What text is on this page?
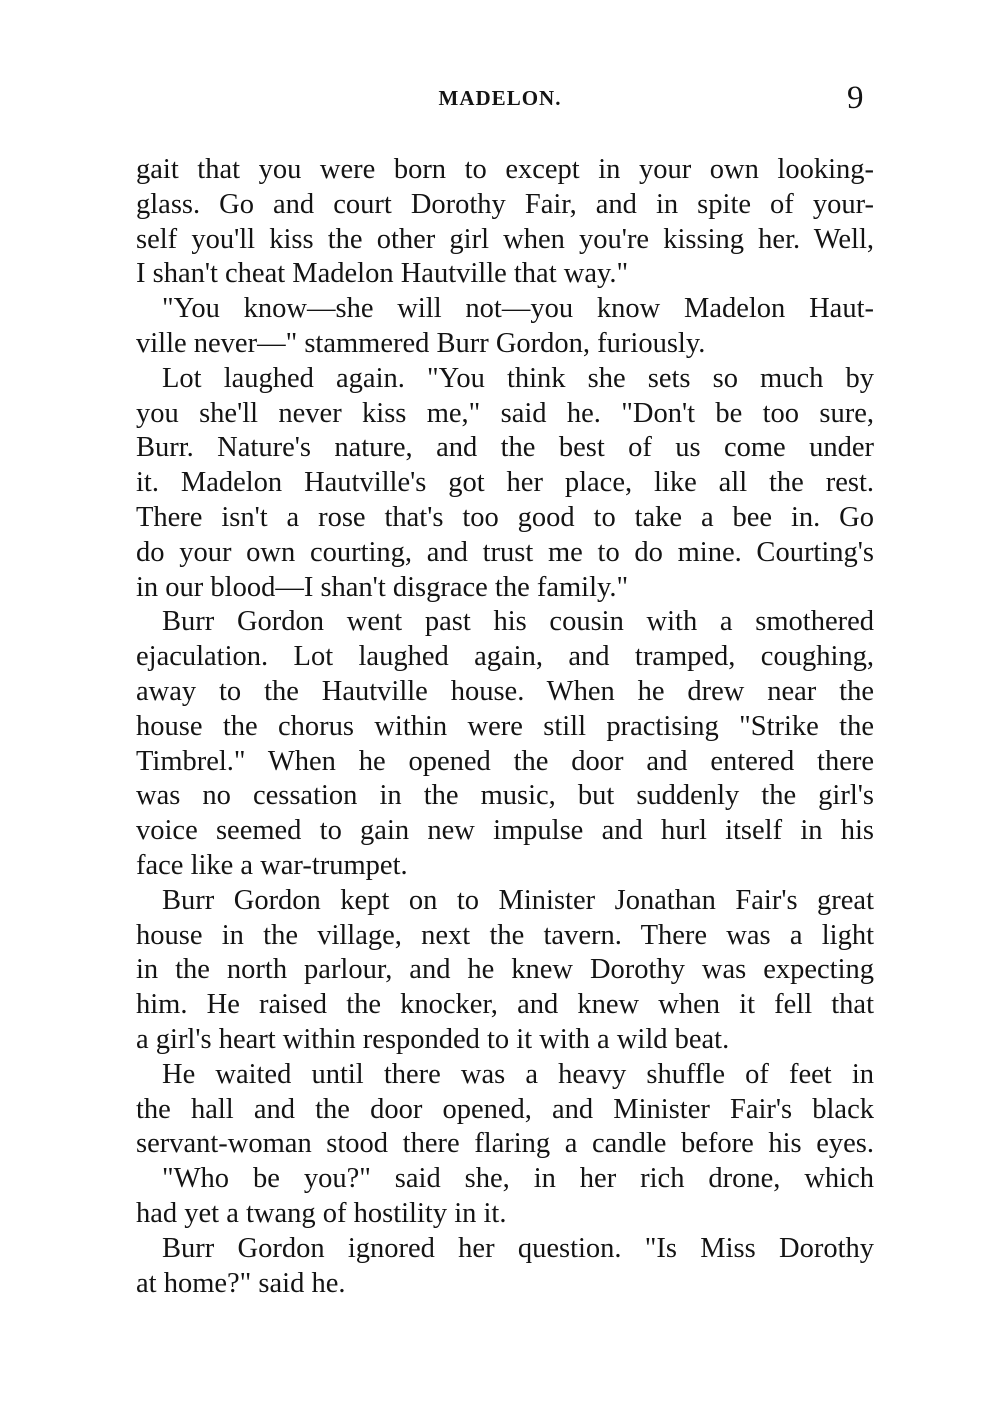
MADELON.	9
gait that you were born to except in your own looking-
glass. Go and court Dorothy Fair, and in spite of your-
self you'll kiss the other girl when you're kissing her. Well,
I shan't cheat Madelon Hautville that way."
"You know—she will not—you know Madelon Haut-
ville never—" stammered Burr Gordon, furiously.
Lot laughed again. "You think she sets so much by
you she'll never kiss me," said he. "Don't be too sure,
Burr. Nature's nature, and the best of us come under
it. Madelon Hautville's got her place, like all the rest.
There isn't a rose that's too good to take a bee in. Go
do your own courting, and trust me to do mine. Courting's
in our blood—I shan't disgrace the family."
Burr Gordon went past his cousin with a smothered
ejaculation. Lot laughed again, and tramped, coughing,
away to the Hautville house. When he drew near the
house the chorus within were still practising "Strike the
Timbrel." When he opened the door and entered there
was no cessation in the music, but suddenly the girl's
voice seemed to gain new impulse and hurl itself in his
face like a war-trumpet.
Burr Gordon kept on to Minister Jonathan Fair's great
house in the village, next the tavern. There was a light
in the north parlour, and he knew Dorothy was expecting
him. He raised the knocker, and knew when it fell that
a girl's heart within responded to it with a wild beat.
He waited until there was a heavy shuffle of feet in
the hall and the door opened, and Minister Fair's black
servant-woman stood there flaring a candle before his eyes.
"Who be you?" said she, in her rich drone, which
had yet a twang of hostility in it.
Burr Gordon ignored her question. "Is Miss Dorothy
at home?" said he.
